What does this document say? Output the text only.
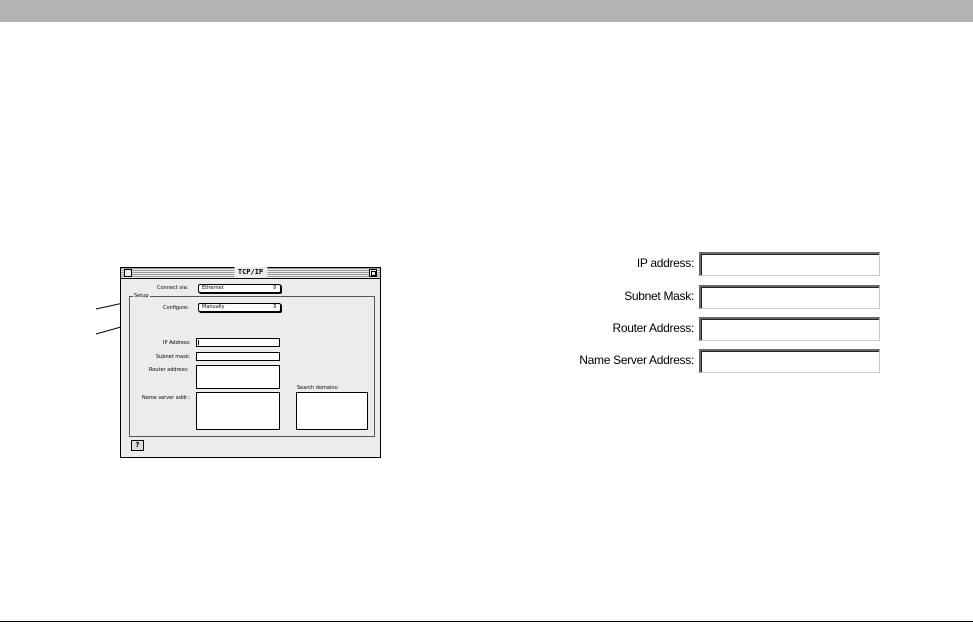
TCP/IP
Connect via:	Ethernet	⇕
Setup
Configure:	Manually	⇕
IP Address:
Subnet mask:
Router address:
Name server addr.:
Search domains:
?
IP address:
Subnet Mask:
Router Address:
Name Server Address:
